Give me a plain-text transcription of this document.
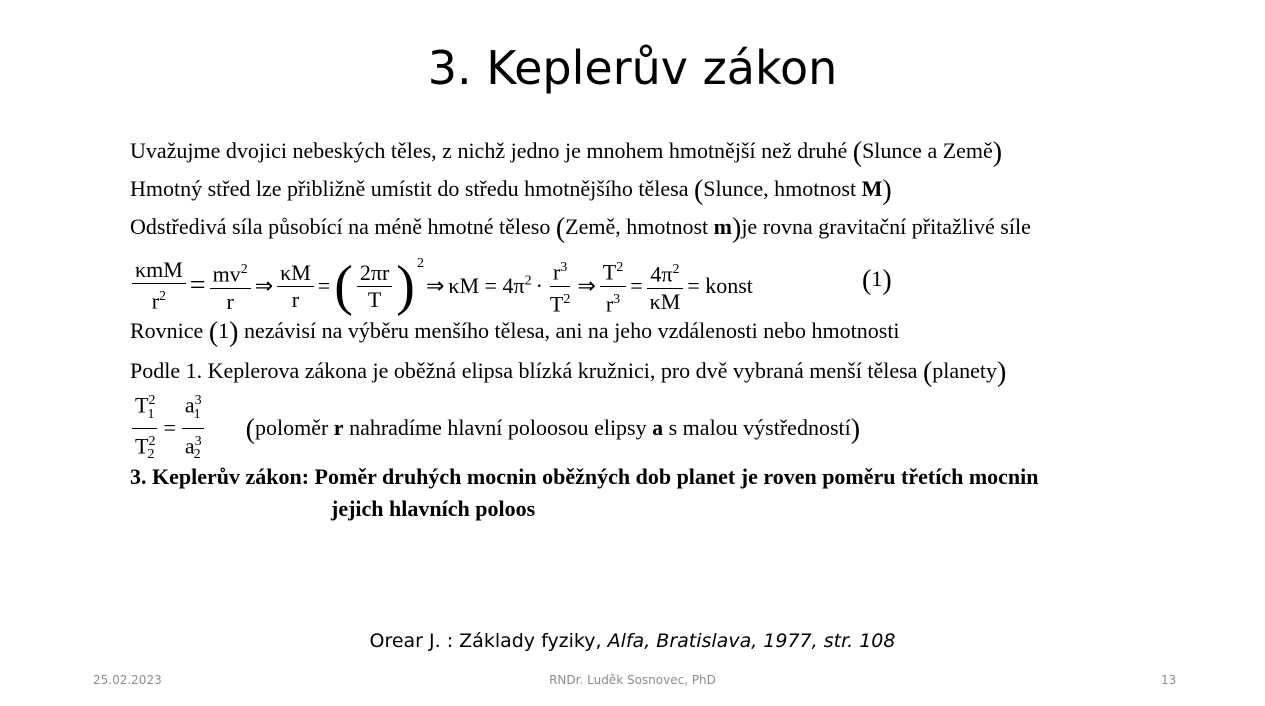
3. Keplerův zákon
Uvažujme dvojici nebeských těles, z nichž jedno je mnohem hmotnější než druhé (Slunce a Země)
Hmotný střed lze přibližně umístit do středu hmotnějšího tělesa (Slunce, hmotnost M)
Odstředivá síla působící na méně hmotné těleso (Země, hmotnost m)je rovna gravitační přitažlivé síle
$\frac{\text{κmM}}{r^2} = \frac{mv^2}{r}$ ⇒ $\frac{\kappa M}{r}$ = ( $\frac{2\pi r}{T} )^2$
⇒ $\kappa M = 4\pi^2 \cdot \frac{r^3}{T^2}$ ⇒ $\frac{T^2}{r^3} = \frac{4\pi^2}{\kappa M}$ = konst	(1)
Rovnice (1) nezávisí na výběru menšího tělesa, ani na jeho vzdálenosti nebo hmotnosti
Podle 1. Keplerova zákona je oběžná elipsa blízká kružnici, pro dvě vybraná menší tělesa (planety)
$\frac{T^2_1}{T^2_2} = \frac{a^3_1}{a^3_2}$ (poloměr r nahradíme hlavní poloosou elipsy a s malou výstředností)
3. Keplerův zákon: Poměr druhých mocnin oběžných dob planet je roven poměru třetích mocnin
jejich hlavních poloos
Orear J. : Základy fyziky, Alfa, Bratislava, 1977, str. 108
25.02.2023	RNDr. Luděk Sosnovec, PhD	13
